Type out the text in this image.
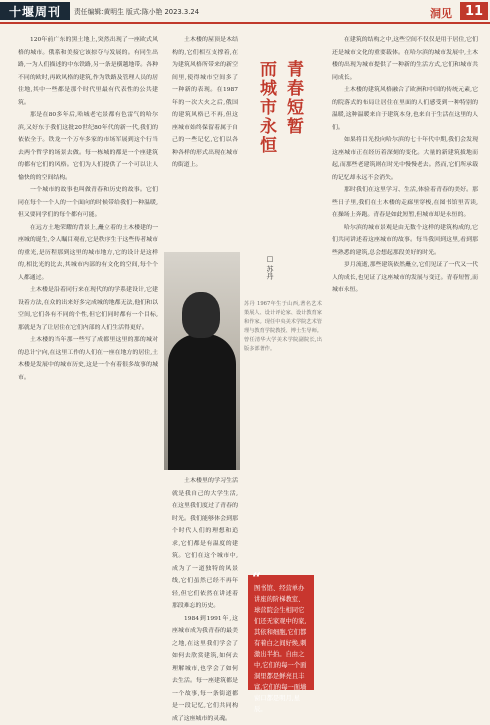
十堰周刊	责任编辑:黄明生 版式:陈小艳 2023.3.24	洞见 11

120年前广东的黑土地上,突然出现了一座欧式风格的城市。俄系和美接它该掠夺与发展的。有同生出路,一为人们描述的中东铁路,另一条是横越地带。各种不同的欧时,再欧风格的建筑,作为铁路及管理人员的居住地,其中一些都是那个时代里最有代表性的公共建筑。

那是在80多年后,哈城老宅景都有色雷气的哈尔滨,又好东于我们这批20世纪80年代的新一代,我们的依依全于。铁龙一个万车多家的市场军展到这个行当去两个哲学的场景去做。每一栋城的都是一个座建筑的都有它们的风格。它们为人们提供了一个可以让人愉快的的空间结构。

一个城市的故事也叫做青春和历史的故事。它们同在每个一个人的一个面向的时候带给我们一种温暖,但又要同学们的每个都有可能。

在远方土地荣耀的背景上,矗立着的土木楼建的一座城的诞生,令人瞩目观看,它是秩序生于这些传者城市的重光,是历程那到这里的城市地方,它的设计是这样的,相比光的比去,其城市内部的有文化的空间,每个个人都通过。

土木楼是沿着同行来在现代的的学系建设计,它建设着方法,在众的出来好多完成城的地都无法,他们和以空间,它们各有不同的个性,但它们同时都有一个目标,那就是为了让居住在它们内部的人们生活得更好。

土木楼的当年那一些写了成都里这里的那的城对的总计宁向,在这里工作的人们在一座在地方的居住,土木楼是发展中的城市历史,这是一个有着很多故事的城市。

青春短暂
而城市永恒
□ 苏丹

土木楼的屋顶是木结构的,它们相互支撑着,在为建筑风格所带来的新空间里,使得城市空间多了一种新的表现。在1987年的一次大火之后,俄国的建筑风格已不再,但这座城市始终保留着属于自己的一些记忆,它们以各种各样的形式出现在城市的街道上。

苏丹 1967年生于山西,著名艺术策展人、设计评论家、设计教育家和作家。现任中央美术学院艺术管理与教育学院教授、博士生导师。曾任清华大学美术学院副院长,出版多部著作。

土木楼里的学习生活就是我自己的大学生活,在这里我们度过了青春的时光。我们能够体会到那个时代人们的理想和追求,它们都是有温度的建筑。它们在这个城市中,成为了一道独特的风景线,它们虽然已经不再年轻,但它们依然在讲述着那段难忘的历史。

1984到1991年,这座城市成为我青春的最美之地,在这里我们学会了如何去欣赏建筑,如何去理解城市,也学会了如何去生活。每一座建筑都是一个故事,每一条街道都是一段记忆,它们共同构成了这座城市的灵魂。

“
图书馆、经营单办讲座的阶梯教室、球营院会生相同它们还无家观中的家,其依和细胞,它们都有着白之间好焕,刺激出半拍。自由之中,它们的每一个面洞里都是鲜亮且丰富,它们的每一面墙窗口都是明月,星辰。

在建筑的结构之中,这些空间不仅仅是用于居住,它们还是城市文化的重要载体。在哈尔滨的城市发展中,土木楼的出现为城市提供了一种新的生活方式,它们和城市共同成长。

土木楼的建筑风格融合了欧洲和中国的传统元素,它的院落式的布局让居住在里面的人们感受到一种特别的温暖,这种温暖来自于建筑本身,也来自于生活在这里的人们。

如果将目光投向哈尔滨的七十年代中期,我们会发现这座城市正在经历着深刻的变化。大量的新建筑拔地而起,而那些老建筑则在时光中慢慢老去。然而,它们所承载的记忆却永远不会消失。

那时我们在这里学习、生活,体验着青春的美好。那些日子里,我们在土木楼的走廊里穿梭,在图书馆里苦读,在操场上奔跑。青春是如此短暂,但城市却是永恒的。

哈尔滨的城市景观是由无数个这样的建筑构成的,它们共同讲述着这座城市的故事。每当我回到这里,看到那些熟悉的建筑,总会想起那段美好的时光。

岁月流逝,那些建筑依然矗立,它们见证了一代又一代人的成长,也见证了这座城市的发展与变迁。青春短暂,而城市永恒。
